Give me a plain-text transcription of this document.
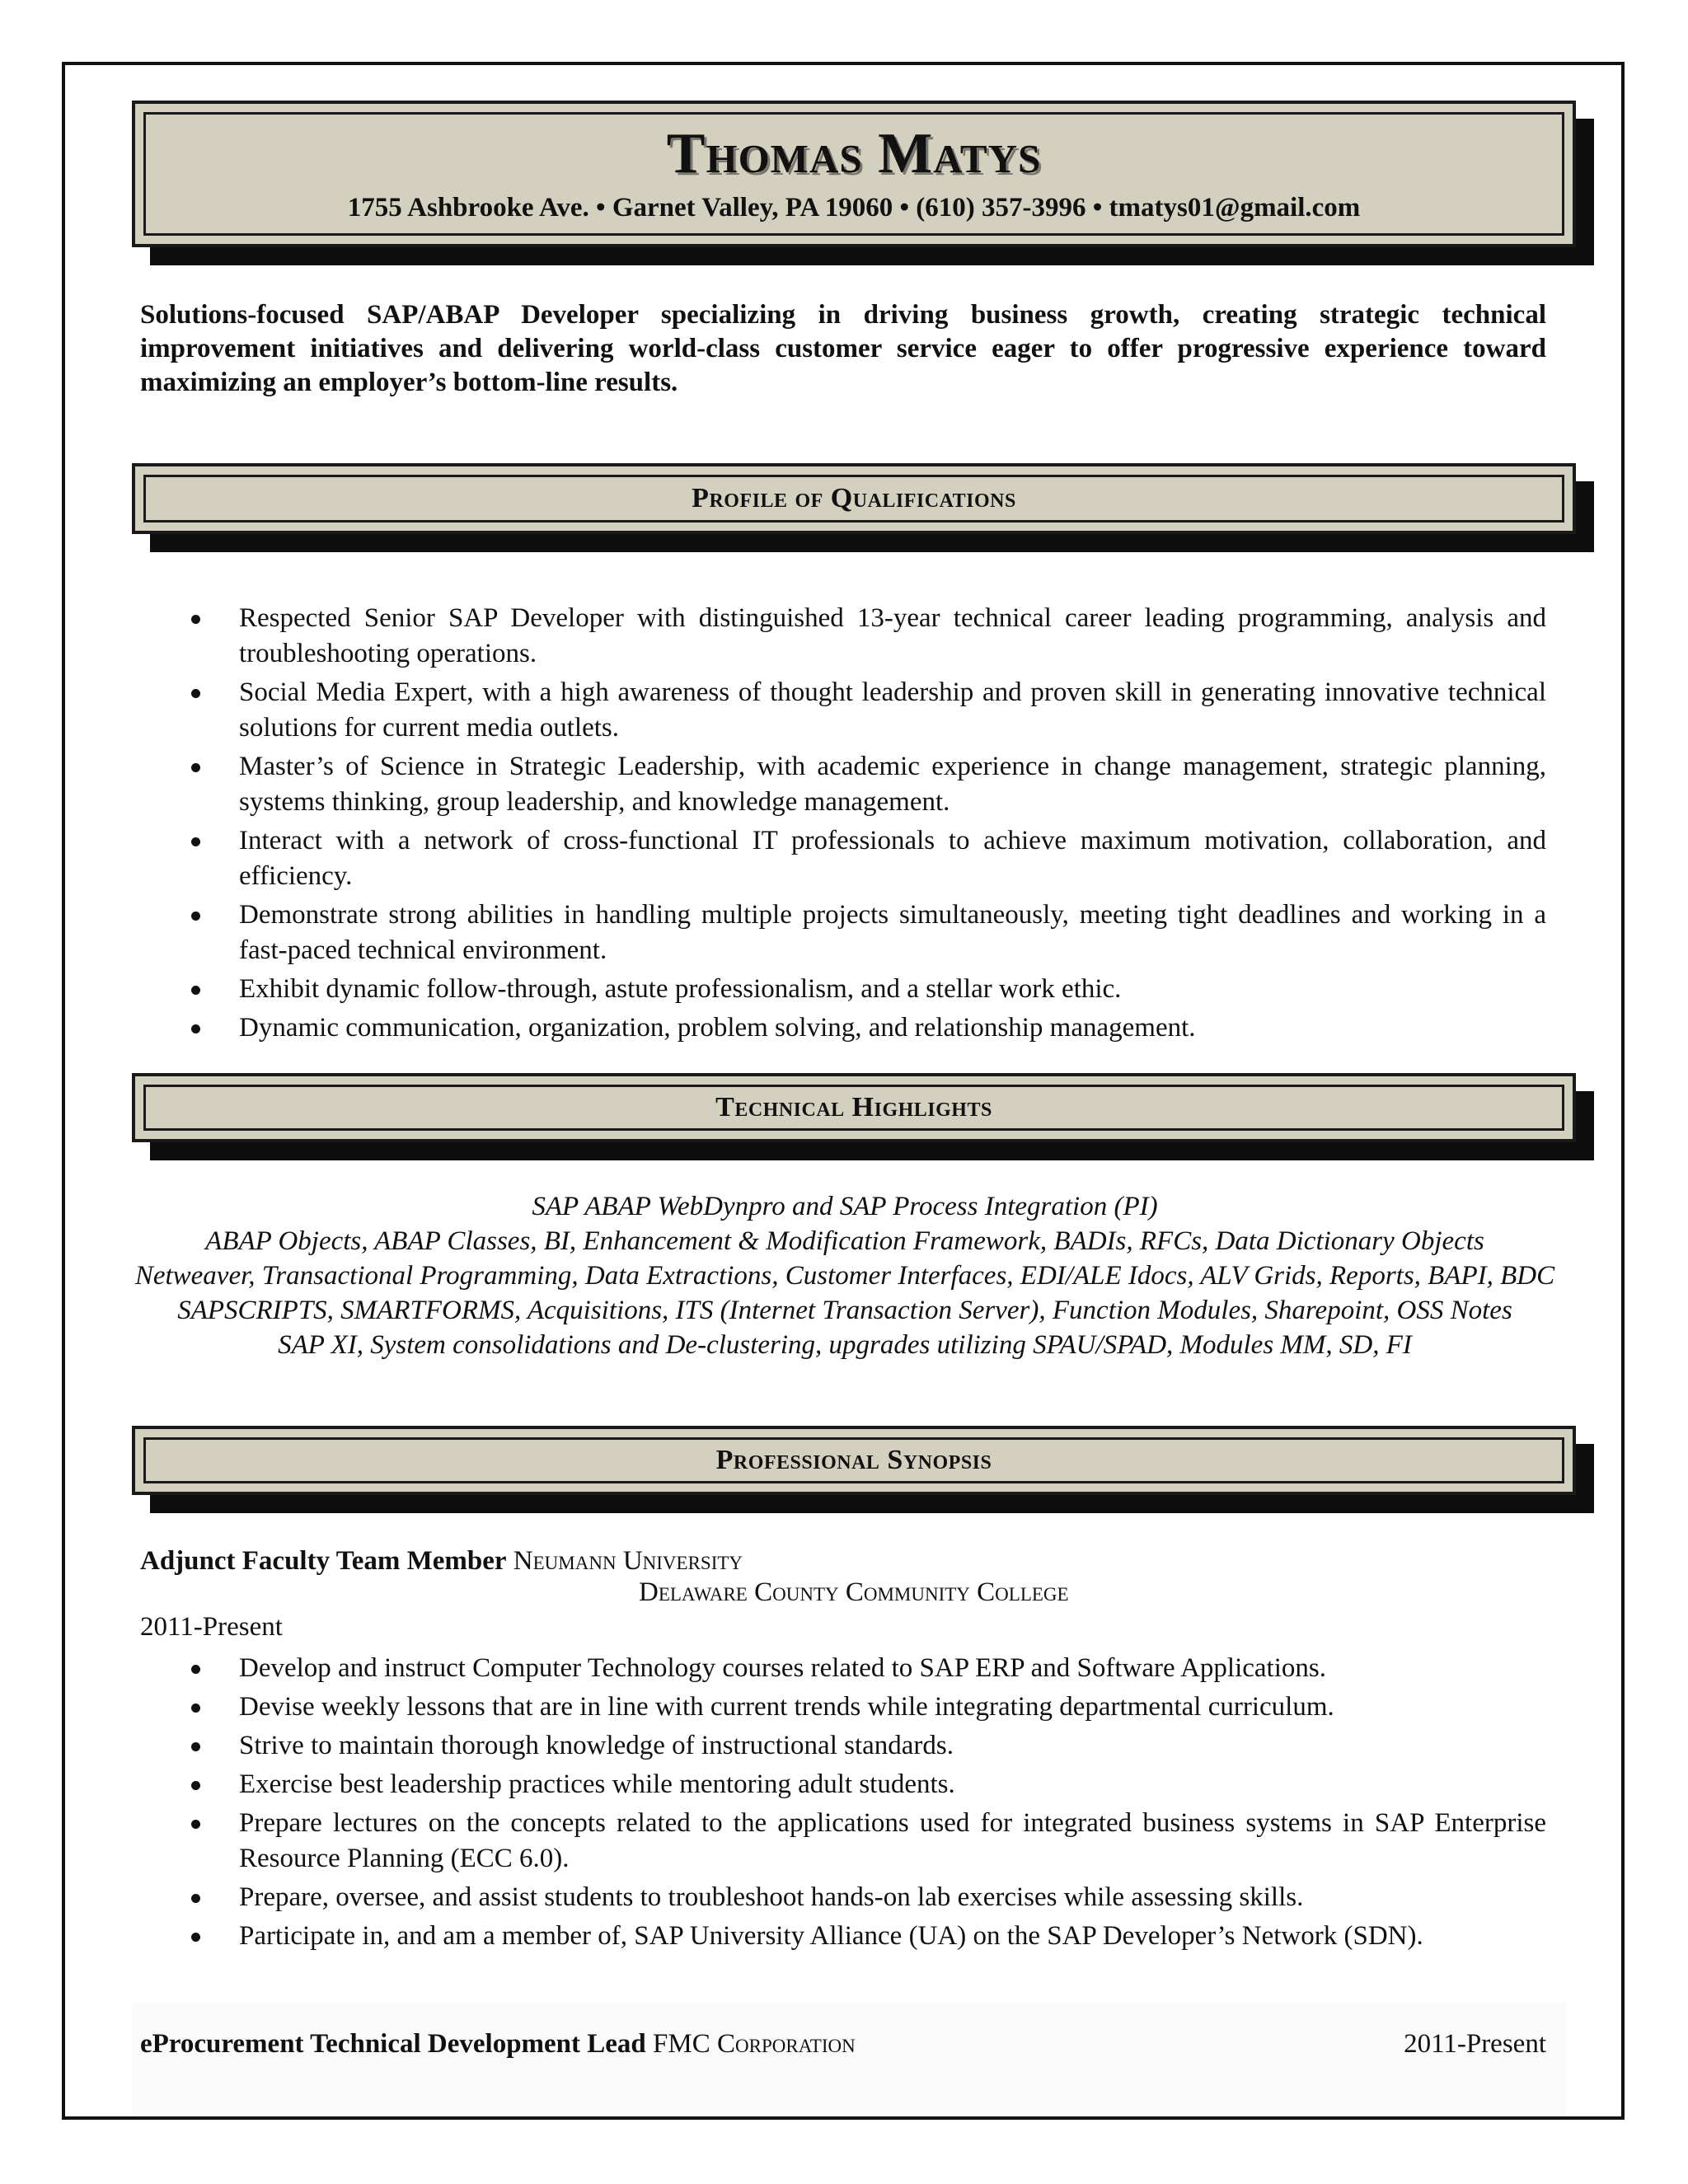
Thomas Matys
1755 Ashbrooke Ave. • Garnet Valley, PA 19060 • (610) 357-3996 • tmatys01@gmail.com
Solutions-focused SAP/ABAP Developer specializing in driving business growth, creating strategic technical improvement initiatives and delivering world-class customer service eager to offer progressive experience toward maximizing an employer’s bottom-line results.
Profile of Qualifications
Respected Senior SAP Developer with distinguished 13-year technical career leading programming, analysis and troubleshooting operations.
Social Media Expert, with a high awareness of thought leadership and proven skill in generating innovative technical solutions for current media outlets.
Master’s of Science in Strategic Leadership, with academic experience in change management, strategic planning, systems thinking, group leadership, and knowledge management.
Interact with a network of cross-functional IT professionals to achieve maximum motivation, collaboration, and efficiency.
Demonstrate strong abilities in handling multiple projects simultaneously, meeting tight deadlines and working in a fast-paced technical environment.
Exhibit dynamic follow-through, astute professionalism, and a stellar work ethic.
Dynamic communication, organization, problem solving, and relationship management.
Technical Highlights
SAP ABAP WebDynpro and SAP Process Integration (PI)
ABAP Objects, ABAP Classes, BI, Enhancement & Modification Framework, BADIs, RFCs, Data Dictionary Objects
Netweaver, Transactional Programming, Data Extractions, Customer Interfaces, EDI/ALE Idocs, ALV Grids, Reports, BAPI, BDC
SAPSCRIPTS, SMARTFORMS, Acquisitions, ITS (Internet Transaction Server), Function Modules, Sharepoint, OSS Notes
SAP XI, System consolidations and De-clustering, upgrades utilizing SPAU/SPAD, Modules MM, SD, FI
Professional Synopsis
Adjunct Faculty Team Member Neumann University
Delaware County Community College
2011-Present
Develop and instruct Computer Technology courses related to SAP ERP and Software Applications.
Devise weekly lessons that are in line with current trends while integrating departmental curriculum.
Strive to maintain thorough knowledge of instructional standards.
Exercise best leadership practices while mentoring adult students.
Prepare lectures on the concepts related to the applications used for integrated business systems in SAP Enterprise Resource Planning (ECC 6.0).
Prepare, oversee, and assist students to troubleshoot hands-on lab exercises while assessing skills.
Participate in, and am a member of, SAP University Alliance (UA) on the SAP Developer’s Network (SDN).
eProcurement Technical Development Lead FMC Corporation	2011-Present
